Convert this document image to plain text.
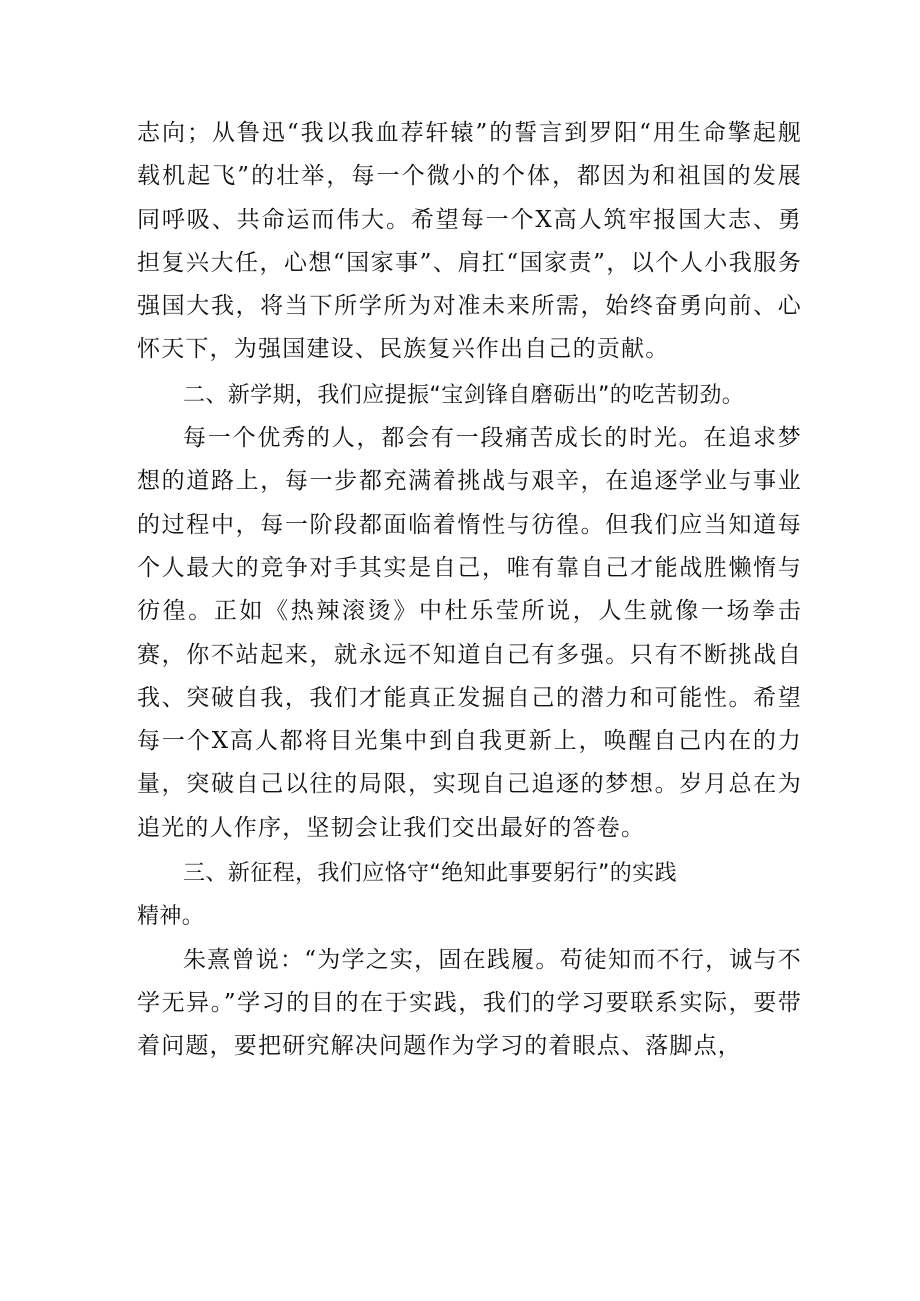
志向；从鲁迅“我以我血荐轩辕”的誓言到罗阳“用生命擎起舰载机起飞”的壮举，每一个微小的个体，都因为和祖国的发展同呼吸、共命运而伟大。希望每一个X高人筑牢报国大志、勇担复兴大任，心想“国家事”、肩扛“国家责”，以个人小我服务强国大我，将当下所学所为对准未来所需，始终奋勇向前、心怀天下，为强国建设、民族复兴作出自己的贡献。

二、新学期，我们应提振“宝剑锋自磨砺出”的吃苦韧劲。

每一个优秀的人，都会有一段痛苦成长的时光。在追求梦想的道路上，每一步都充满着挑战与艰辛，在追逐学业与事业的过程中，每一阶段都面临着惰性与彷徨。但我们应当知道每个人最大的竞争对手其实是自己，唯有靠自己才能战胜懒惰与彷徨。正如《热辣滚烫》中杜乐莹所说，人生就像一场拳击赛，你不站起来，就永远不知道自己有多强。只有不断挑战自我、突破自我，我们才能真正发掘自己的潜力和可能性。希望每一个X高人都将目光集中到自我更新上，唤醒自己内在的力量，突破自己以往的局限，实现自己追逐的梦想。岁月总在为追光的人作序，坚韧会让我们交出最好的答卷。

三、新征程，我们应恪守“绝知此事要躬行”的实践
精神。

朱熹曾说：“为学之实，固在践履。苟徒知而不行，诚与不学无异。”学习的目的在于实践，我们的学习要联系实际，要带着问题，要把研究解决问题作为学习的着眼点、落脚点，
